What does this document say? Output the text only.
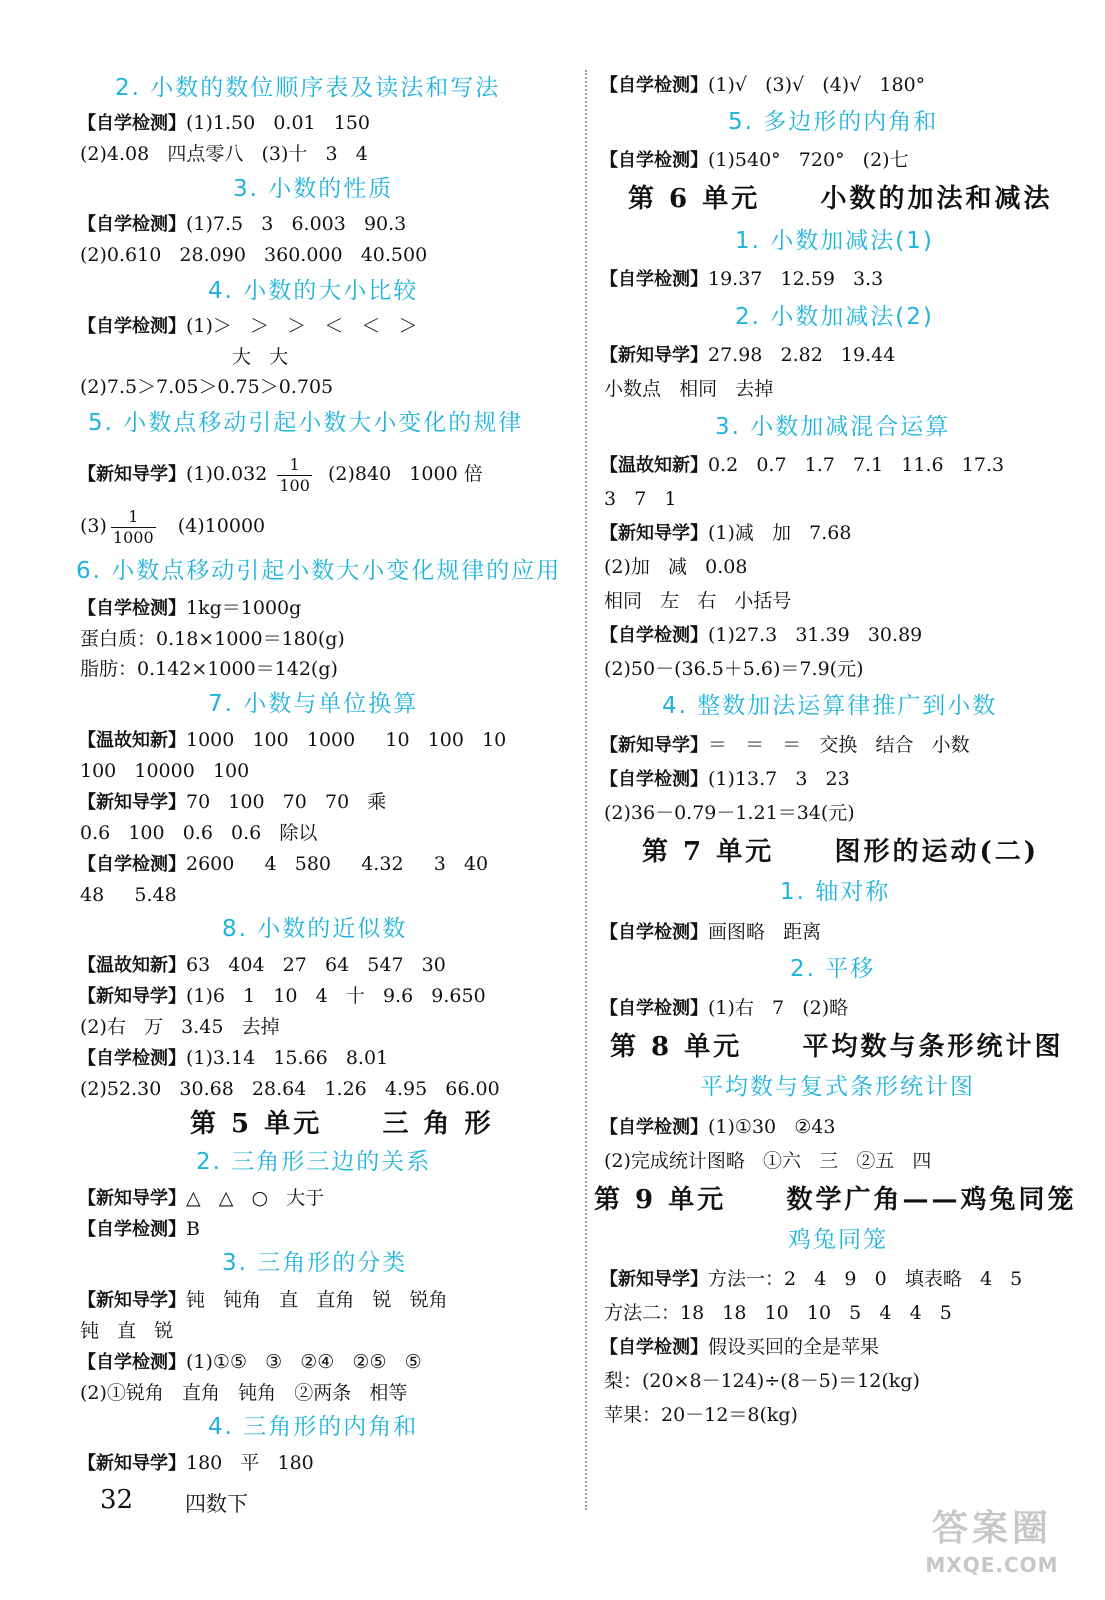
2. 小数的数位顺序表及读法和写法
【自学检测】(1)1.50   0.01   150
(2)4.08   四点零八   (3)十   3   4
3. 小数的性质
【自学检测】(1)7.5   3   6.003   90.3
(2)0.610   28.090   360.000   40.500
4. 小数的大小比较
【自学检测】(1)＞   ＞   ＞   ＜   ＜   ＞
大   大
(2)7.5＞7.05＞0.75＞0.705
5. 小数点移动引起小数大小变化的规律
【新知导学】$(1)0.032 \frac{1}{100} (2)840$   1000 倍
$(3) \frac{1}{1000} (4)10000$
6. 小数点移动引起小数大小变化规律的应用
【自学检测】1kg＝1000g
蛋白质：0.18×1000＝180(g)
脂肪：0.142×1000＝142(g)
7. 小数与单位换算
【温故知新】1000   100   1000     10   100   10
100   10000   100
【新知导学】70   100   70   70   乘
0.6   100   0.6   0.6   除以
【自学检测】2600     4   580     4.32     3   40
48     5.48
8. 小数的近似数
【温故知新】63   404   27   64   547   30
【新知导学】(1)6   1   10   4   十   9.6   9.650
(2)右   万   3.45   去掉
【自学检测】(1)3.14   15.66   8.01
(2)52.30   30.68   28.64   1.26   4.95   66.00
第 5 单元     三 角 形
2. 三角形三边的关系
【新知导学】△   △   ○   大于
【自学检测】B
3. 三角形的分类
【新知导学】钝   钝角   直   直角   锐   锐角
钝   直   锐
【自学检测】(1)①⑤   ③   ②④   ②⑤   ⑤
(2)①锐角   直角   钝角   ②两条   相等
4. 三角形的内角和
【新知导学】180   平   180
【自学检测】(1)√   (3)√   (4)√   180°
5. 多边形的内角和
【自学检测】(1)540°   720°   (2)七
第 6 单元     小数的加法和减法
1. 小数加减法(1)
【自学检测】19.37   12.59   3.3
2. 小数加减法(2)
【新知导学】27.98   2.82   19.44
小数点   相同   去掉
3. 小数加减混合运算
【温故知新】0.2   0.7   1.7   7.1   11.6   17.3
3   7   1
【新知导学】(1)减   加   7.68
(2)加   减   0.08
相同   左   右   小括号
【自学检测】(1)27.3   31.39   30.89
(2)50－(36.5＋5.6)＝7.9(元)
4. 整数加法运算律推广到小数
【新知导学】＝   ＝   ＝   交换   结合   小数
【自学检测】(1)13.7   3   23
(2)36－0.79－1.21＝34(元)
第 7 单元     图形的运动(二)
1. 轴对称
【自学检测】画图略   距离
2. 平移
【自学检测】(1)右   7   (2)略
第 8 单元     平均数与条形统计图
平均数与复式条形统计图
【自学检测】(1)①30   ②43
(2)完成统计图略   ①六   三   ②五   四
第 9 单元     数学广角——鸡兔同笼
鸡兔同笼
【新知导学】方法一：2   4   9   0   填表略   4   5
方法二：18   18   10   10   5   4   4   5
【自学检测】假设买回的全是苹果
梨：(20×8－124)÷(8－5)＝12(kg)
苹果：20－12＝8(kg)
32 四数下
答案圈
MXQE.COM
